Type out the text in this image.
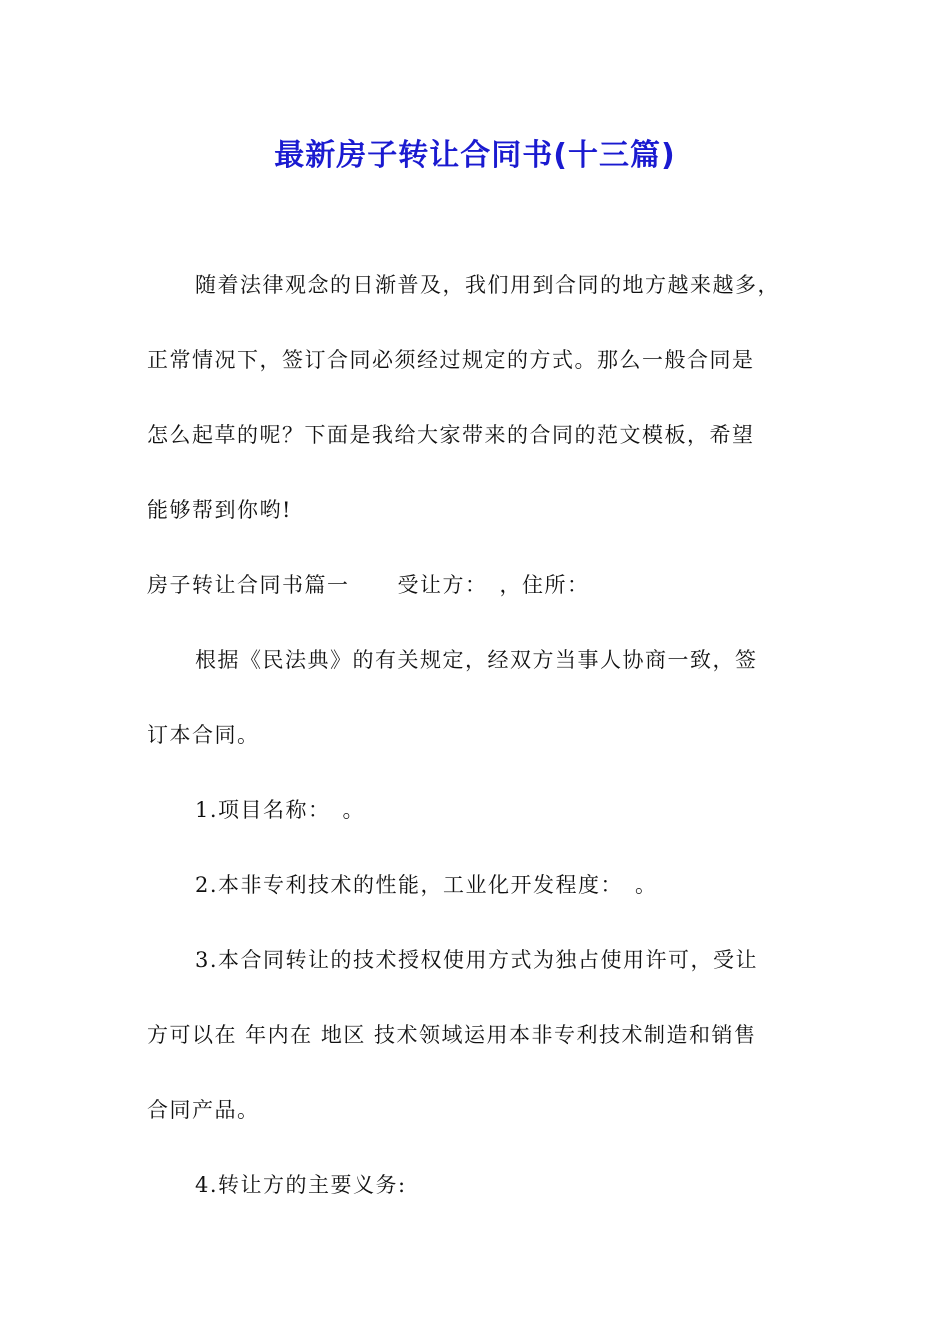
最新房子转让合同书(十三篇)
随着法律观念的日渐普及，我们用到合同的地方越来越多，
正常情况下，签订合同必须经过规定的方式。那么一般合同是
怎么起草的呢？下面是我给大家带来的合同的范文模板，希望
能够帮到你哟!
房子转让合同书篇一 受让方：　，住所：
根据《民法典》的有关规定，经双方当事人协商一致，签
订本合同。
1.项目名称：　。
2.本非专利技术的性能，工业化开发程度：　。
3.本合同转让的技术授权使用方式为独占使用许可，受让
方可以在 年内在 地区 技术领域运用本非专利技术制造和销售
合同产品。
4.转让方的主要义务:
